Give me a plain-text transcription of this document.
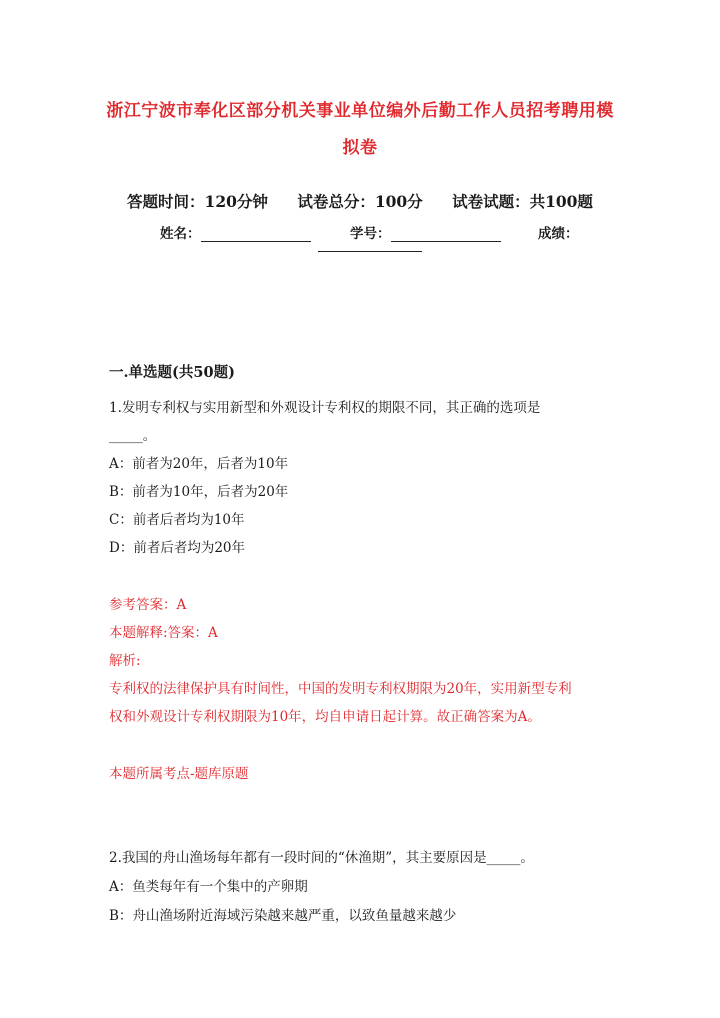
浙江宁波市奉化区部分机关事业单位编外后勤工作人员招考聘用模
拟卷
答题时间：120分钟 试卷总分：100分 试卷试题：共100题
姓名：	学号：	成绩：
一.单选题(共50题)
1.发明专利权与实用新型和外观设计专利权的期限不同，其正确的选项是
_____。
A：前者为20年，后者为10年
B：前者为10年，后者为20年
C：前者后者均为10年
D：前者后者均为20年
参考答案：A
本题解释:答案：A
解析:
专利权的法律保护具有时间性，中国的发明专利权期限为20年，实用新型专利
权和外观设计专利权期限为10年，均自申请日起计算。故正确答案为A。
本题所属考点-题库原题
2.我国的舟山渔场每年都有一段时间的“休渔期”，其主要原因是_____。
A：鱼类每年有一个集中的产卵期
B：舟山渔场附近海域污染越来越严重，以致鱼量越来越少
